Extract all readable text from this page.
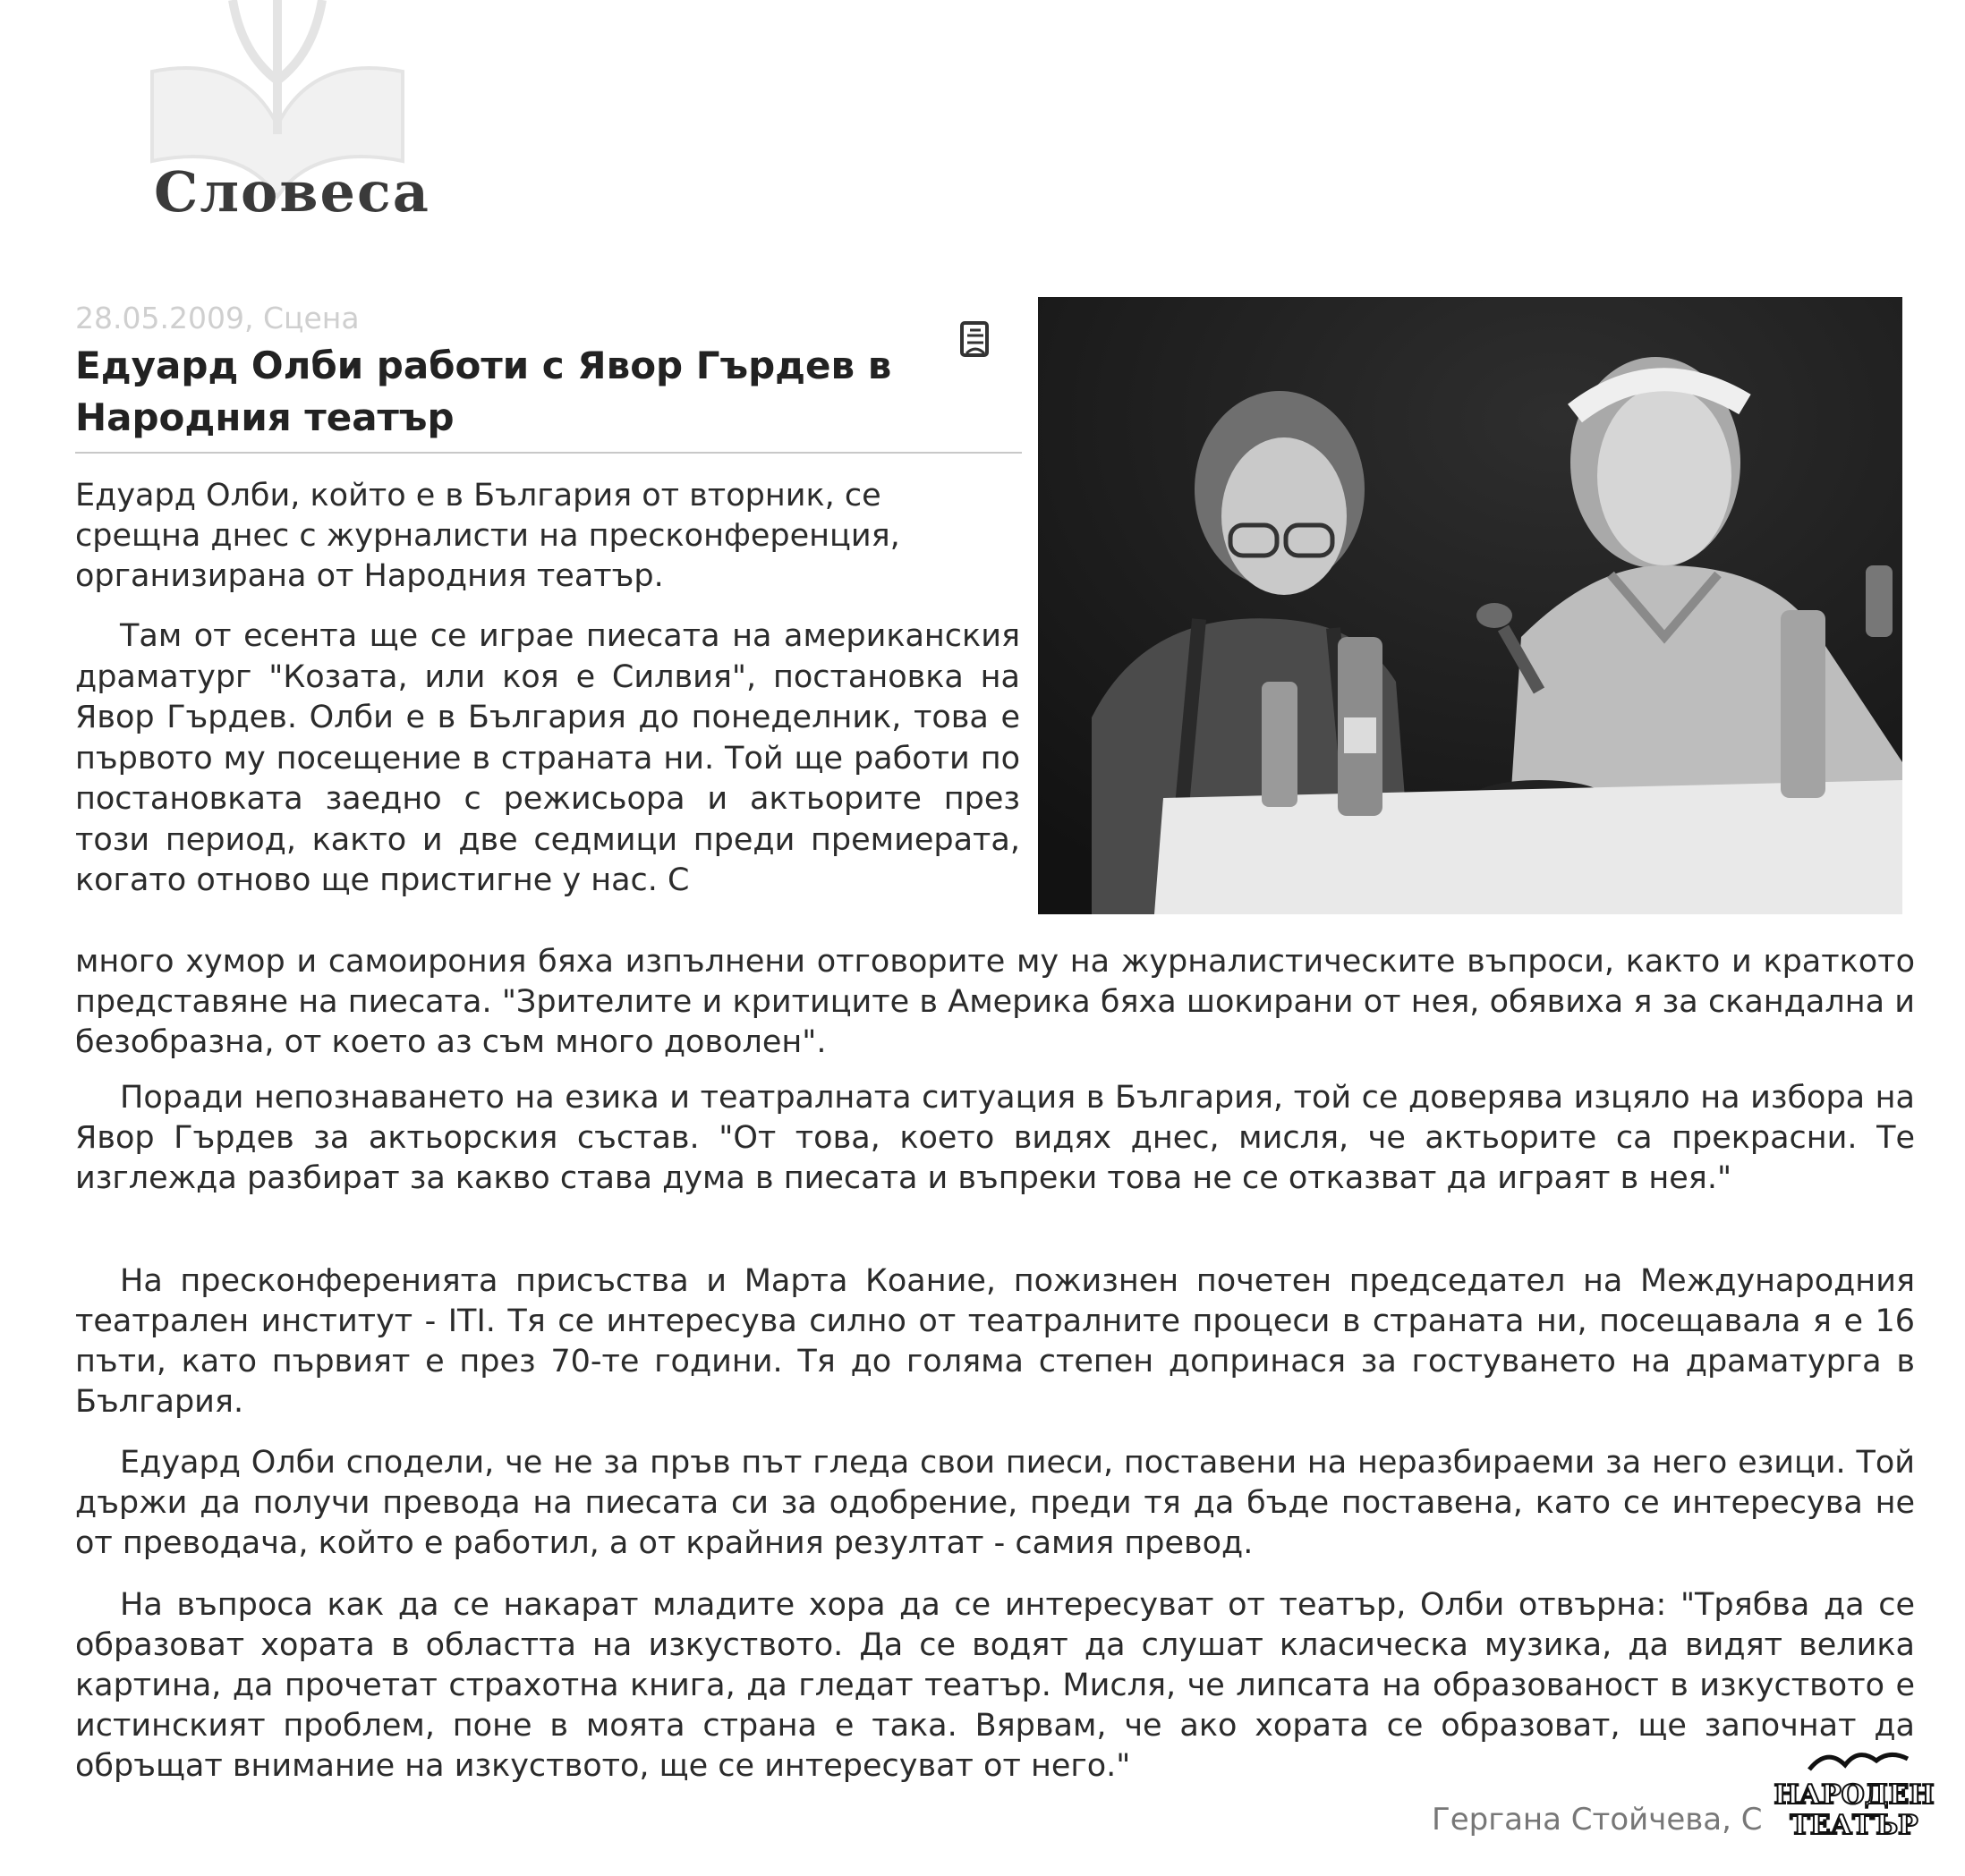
Словеса
28.05.2009, Сцена
Едуард Олби работи с Явор Гърдев в Народния театър

Едуард Олби, който е в България от вторник, се срещна днес с журналисти на пресконференция, организирана от Народния театър.

Там от есента ще се играе пиесата на американския драматург "Козата, или коя е Силвия", постановка на Явор Гърдев. Олби е в България до понеделник, това е първото му посещение в страната ни. Той ще работи по постановката заедно с режисьора и актьорите през този период, както и две седмици преди премиерата, когато отново ще пристигне у нас. С

много хумор и самоирония бяха изпълнени отговорите му на журналистическите въпроси, както и краткото представяне на пиесата. "Зрителите и критиците в Америка бяха шокирани от нея, обявиха я за скандална и безобразна, от което аз съм много доволен".

Поради непознаването на езика и театралната ситуация в България, той се доверява изцяло на избора на Явор Гърдев за актьорския състав. "От това, което видях днес, мисля, че актьорите са прекрасни. Те изглежда разбират за какво става дума в пиесата и въпреки това не се отказват да играят в нея."

На пресконференията присъства и Марта Коание, пожизнен почетен председател на Международния театрален институт - ITI. Тя се интересува силно от театралните процеси в страната ни, посещавала я е 16 пъти, като първият е през 70-те години. Тя до голяма степен допринася за гостуването на драматурга в България.

Едуард Олби сподели, че не за пръв път гледа свои пиеси, поставени на неразбираеми за него езици. Той държи да получи превода на пиесата си за одобрение, преди тя да бъде поставена, като се интересува не от преводача, който е работил, а от крайния резултат - самия превод.

На въпроса как да се накарат младите хора да се интересуват от театър, Олби отвърна: "Трябва да се образоват хората в областта на изкуството. Да се водят да слушат класическа музика, да видят велика картина, да прочетат страхотна книга, да гледат театър. Мисля, че липсата на образованост в изкуството е истинският проблем, поне в моята страна е така. Вярвам, че ако хората се образоват, ще започнат да обръщат внимание на изкуството, ще се интересуват от него."

Гергана Стойчева, С
НАРОДЕН
ТЕАТЪР
